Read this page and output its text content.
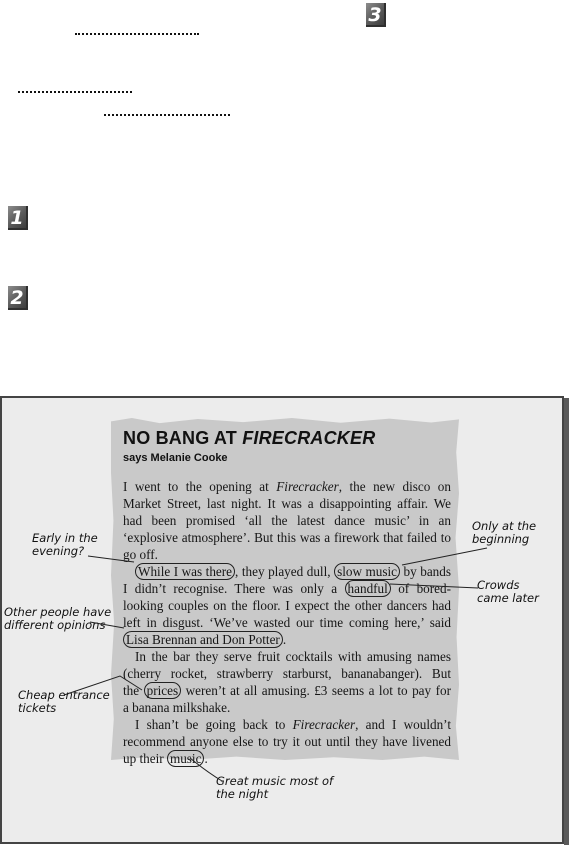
3
1
2
NO BANG AT FIRECRACKER
says Melanie Cooke
I went to the opening at Firecracker, the new disco on
Market Street, last night. It was a disappointing affair. We
had been promised ‘all the latest dance music’ in an
‘explosive atmosphere’. But this was a firework that failed to
go off.
While I was there , they played dull, slow music by bands
I didn’t recognise. There was only a handful of bored-
looking couples on the floor. I expect the other dancers had
left in disgust. ‘We’ve wasted our time coming here,’ said
Lisa Brennan and Don Potter .
In the bar they serve fruit cocktails with amusing names
(cherry rocket, strawberry starburst, bananabanger). But
the prices weren’t at all amusing. £3 seems a lot to pay for
a banana milkshake.
I shan’t be going back to Firecracker, and I wouldn’t
recommend anyone else to try it out until they have livened
up their music .
Early in the
evening?
Only at the
beginning
Crowds
came later
Other people have
different opinions
Cheap entrance
tickets
Great music most of
the night
